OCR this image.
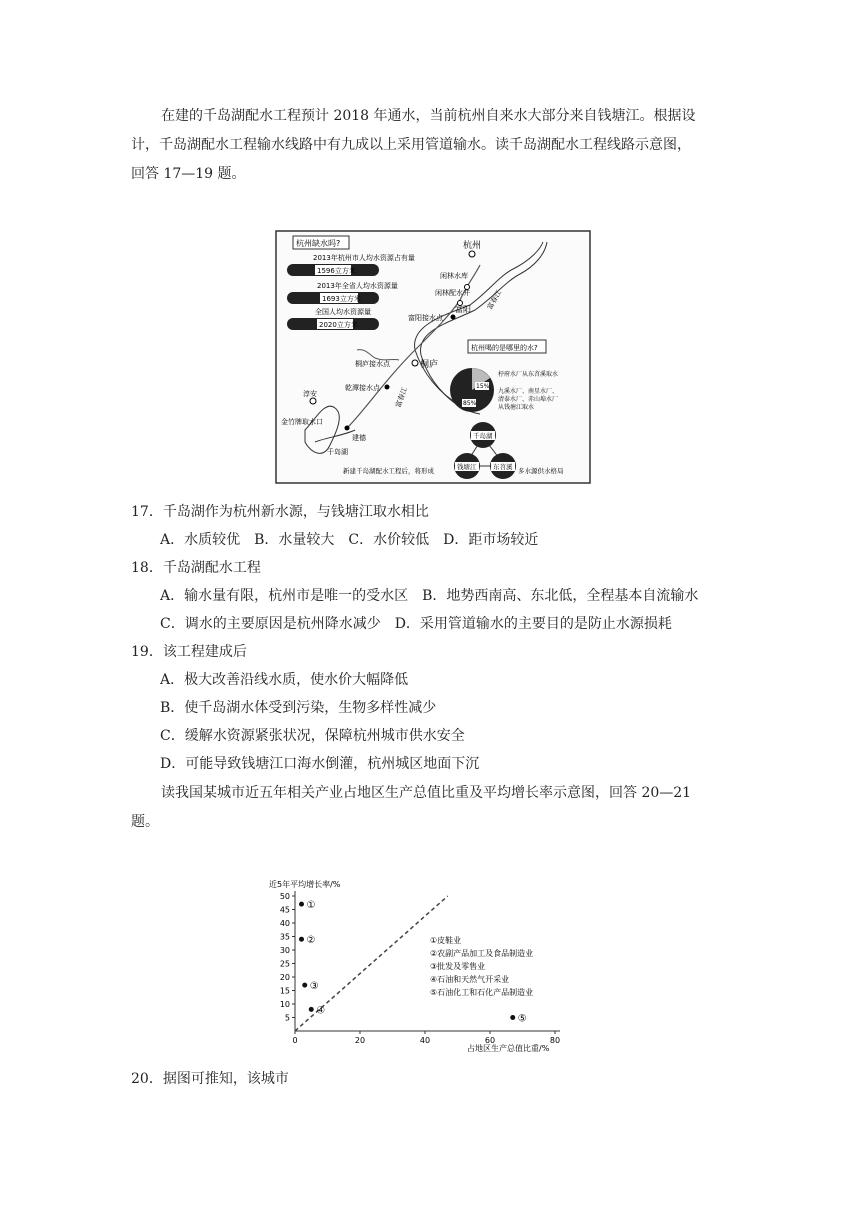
在建的千岛湖配水工程预计 2018 年通水，当前杭州自来水大部分来自钱塘江。根据设
计，千岛湖配水工程输水线路中有九成以上采用管道输水。读千岛湖配水工程线路示意图，
回答 17—19 题。
杭州缺水吗?
2013年杭州市人均水资源占有量
1596立方米
2013年全省人均水资源量
1693立方米
全国人均水资源量
2020立方米
杭州
闲林水库
闲林配水井
富阳
富阳接水点
桐庐
桐庐接水点
乾潭接水点
淳安
金竹牌取水口
建德
千岛湖
富春江
富春江
杭州喝的是哪里的水?
15%
85%
杼府水厂从东苕溪取水
九溪水厂、南星水厂、
清泰水厂、赤山埠水厂
从钱塘江取水
千岛湖
钱塘江	东苕溪
新建千岛湖配水工程后，将形成	多水源供水格局
17．千岛湖作为杭州新水源，与钱塘江取水相比
A．水质较优　B．水量较大　C．水价较低　D．距市场较近
18．千岛湖配水工程
A．输水量有限，杭州市是唯一的受水区　B．地势西南高、东北低，全程基本自流输水
C．调水的主要原因是杭州降水减少　D．采用管道输水的主要目的是防止水源损耗
19．该工程建成后
A．极大改善沿线水质，使水价大幅降低
B．使千岛湖水体受到污染，生物多样性减少
C．缓解水资源紧张状况，保障杭州城市供水安全
D．可能导致钱塘江口海水倒灌，杭州城区地面下沉
读我国某城市近五年相关产业占地区生产总值比重及平均增长率示意图，回答 20—21
题。
近5年平均增长率/%
5
10
15
20
25
30
35
40
45
50
0	20	40	60	80
①
②
③
④
⑤
①皮鞋业
②农副产品加工及食品制造业
③批发及零售业
④石油和天然气开采业
⑤石油化工和石化产品制造业
占地区生产总值比重/%
20．据图可推知，该城市
